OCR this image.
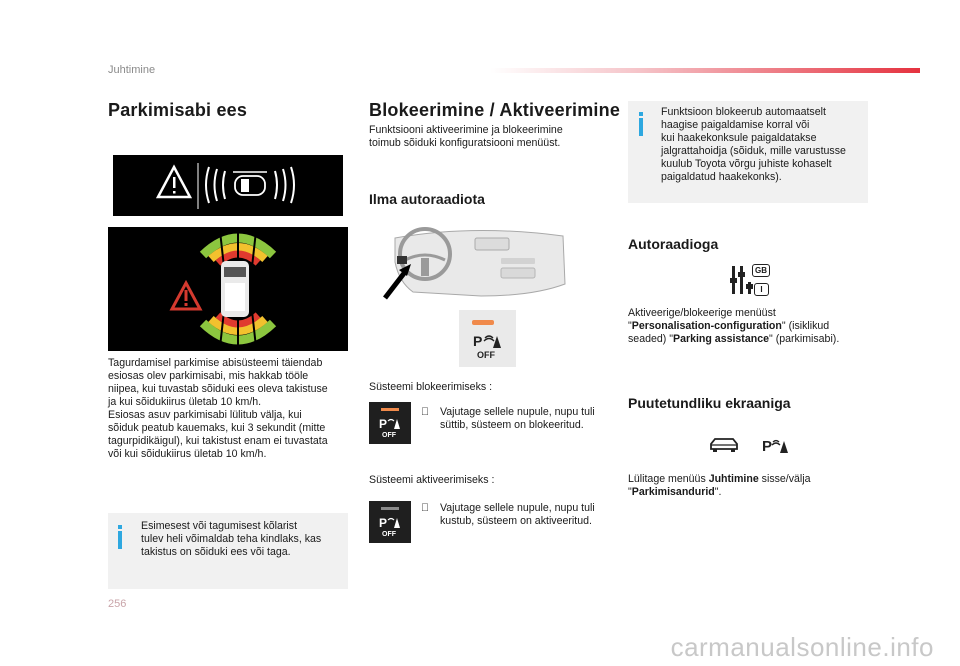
Juhtimine
Parkimisabi ees
Tagurdamisel parkimise abisüsteemi täiendab
esiosas olev parkimisabi, mis hakkab tööle
niipea, kui tuvastab sõiduki ees oleva takistuse
ja kui sõidukiirus ületab 10 km/h.
Esiosas asuv parkimisabi lülitub välja, kui
sõiduk peatub kauemaks, kui 3 sekundit (mitte
tagurpidikäigul), kui takistust enam ei tuvastata
või kui sõidukiirus ületab 10 km/h.
Esimesest või tagumisest kõlarist
tulev heli võimaldab teha kindlaks, kas
takistus on sõiduki ees või taga.
256
Blokeerimine / Aktiveerimine
Funktsiooni aktiveerimine ja blokeerimine
toimub sõiduki konfiguratsiooni menüüst.
Ilma autoraadiota
P
OFF
Süsteemi blokeerimiseks :
P
OFF
Vajutage sellele nupule, nupu tuli
süttib, süsteem on blokeeritud.
Süsteemi aktiveerimiseks :
P
OFF
Vajutage sellele nupule, nupu tuli
kustub, süsteem on aktiveeritud.
Funktsioon blokeerub automaatselt
haagise paigaldamise korral või
kui haakekonksule paigaldatakse
jalgrattahoidja (sõiduk, mille varustusse
kuulub Toyota võrgu juhiste kohaselt
paigaldatud haakekonks).
Autoraadioga
GB
I
Aktiveerige/blokeerige menüüst
"Personalisation-configuration" (isiklikud
seaded) "Parking assistance" (parkimisabi).
Puutetundliku ekraaniga
P
Lülitage menüüs Juhtimine sisse/välja
"Parkimisandurid".
carmanualsonline.info
